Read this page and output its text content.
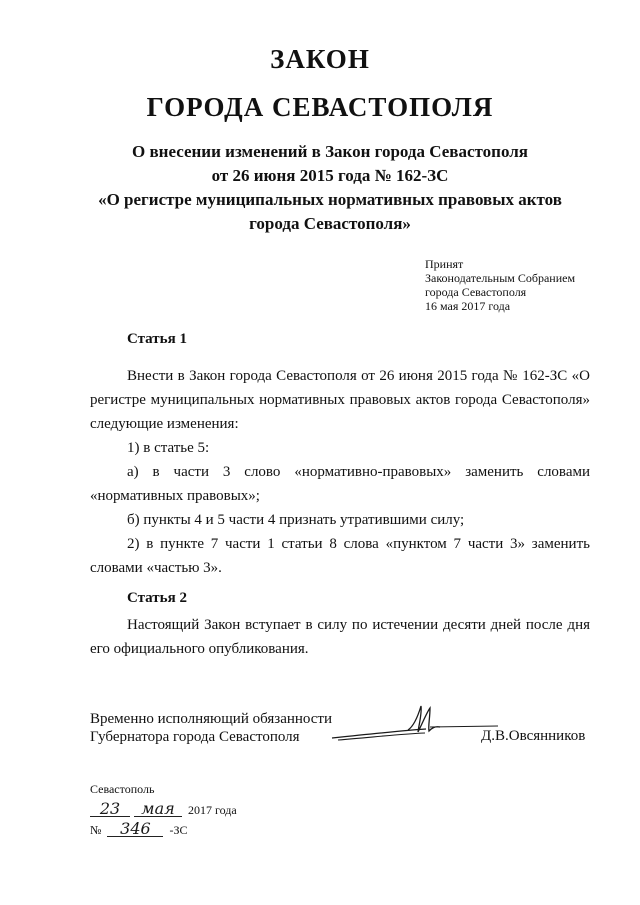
ЗАКОН
ГОРОДА СЕВАСТОПОЛЯ
О внесении изменений в Закон города Севастополя
от 26 июня 2015 года № 162-ЗС
«О регистре муниципальных нормативных правовых актов
города Севастополя»
Принят
Законодательным Собранием
города Севастополя
16 мая 2017 года
Статья 1

Внести в Закон города Севастополя от 26 июня 2015 года № 162-ЗС «О регистре муниципальных нормативных правовых актов города Севастополя» следующие изменения:

1) в статье 5:

а) в части 3 слово «нормативно-правовых» заменить словами «нормативных правовых»;

б) пункты 4 и 5 части 4 признать утратившими силу;

2) в пункте 7 части 1 статьи 8 слова «пунктом 7 части 3» заменить словами «частью 3».

Статья 2

Настоящий Закон вступает в силу по истечении десяти дней после дня его официального опубликования.

Временно исполняющий обязанности
Губернатора города Севастополя	Д.В.Овсянников
Севастополь
23 мая 2017 года
№ 346 -ЗС
